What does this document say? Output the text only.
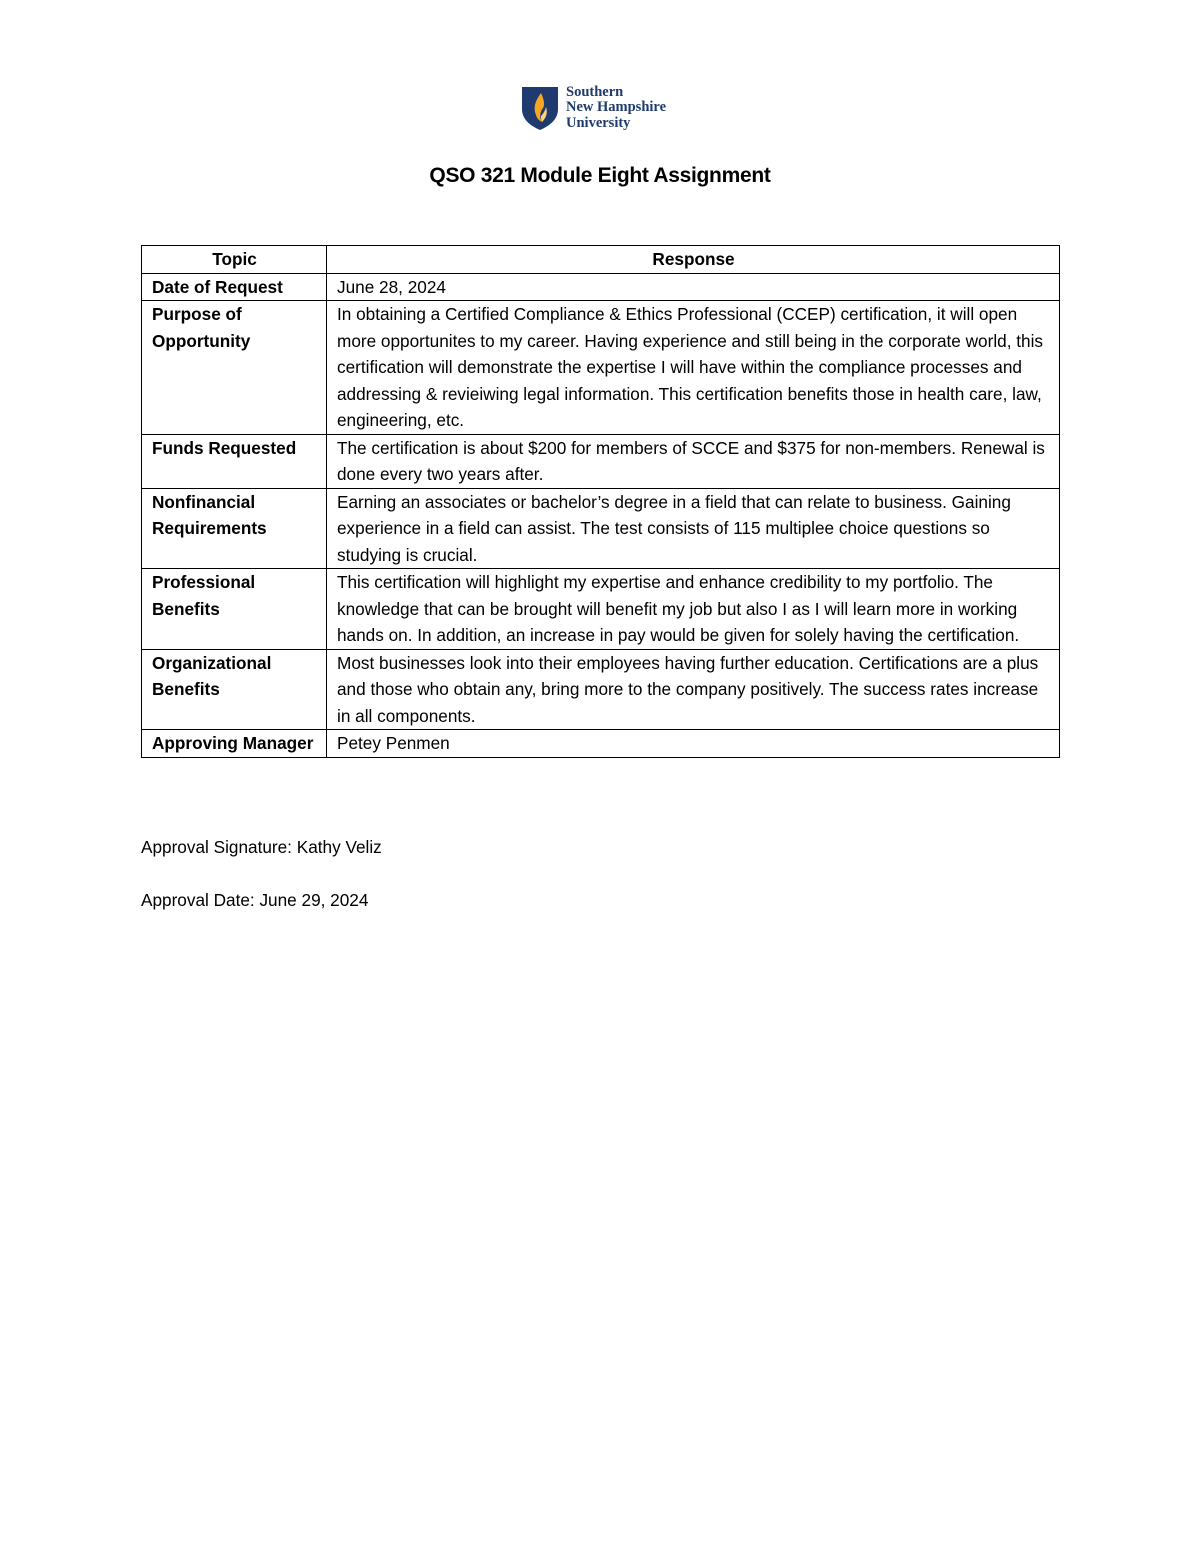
Southern
New Hampshire
University
QSO 321 Module Eight Assignment
Topic	Response
Date of Request	June 28, 2024
Purpose of Opportunity	In obtaining a Certified Compliance & Ethics Professional (CCEP) certification, it will open more opportunites to my career. Having experience and still being in the corporate world, this certification will demonstrate the expertise I will have within the compliance processes and addressing & revieiwing legal information. This certification benefits those in health care, law, engineering, etc.
Funds Requested	The certification is about $200 for members of SCCE and $375 for non-members. Renewal is done every two years after.
Nonfinancial Requirements	Earning an associates or bachelor’s degree in a field that can relate to business. Gaining experience in a field can assist. The test consists of 115 multiplee choice questions so studying is crucial.
Professional Benefits	This certification will highlight my expertise and enhance credibility to my portfolio. The knowledge that can be brought will benefit my job but also I as I will learn more in working hands on. In addition, an increase in pay would be given for solely having the certification.
Organizational Benefits	Most businesses look into their employees having further education. Certifications are a plus and those who obtain any, bring more to the company positively. The success rates increase in all components.
Approving Manager	Petey Penmen
Approval Signature: Kathy Veliz
Approval Date: June 29, 2024
